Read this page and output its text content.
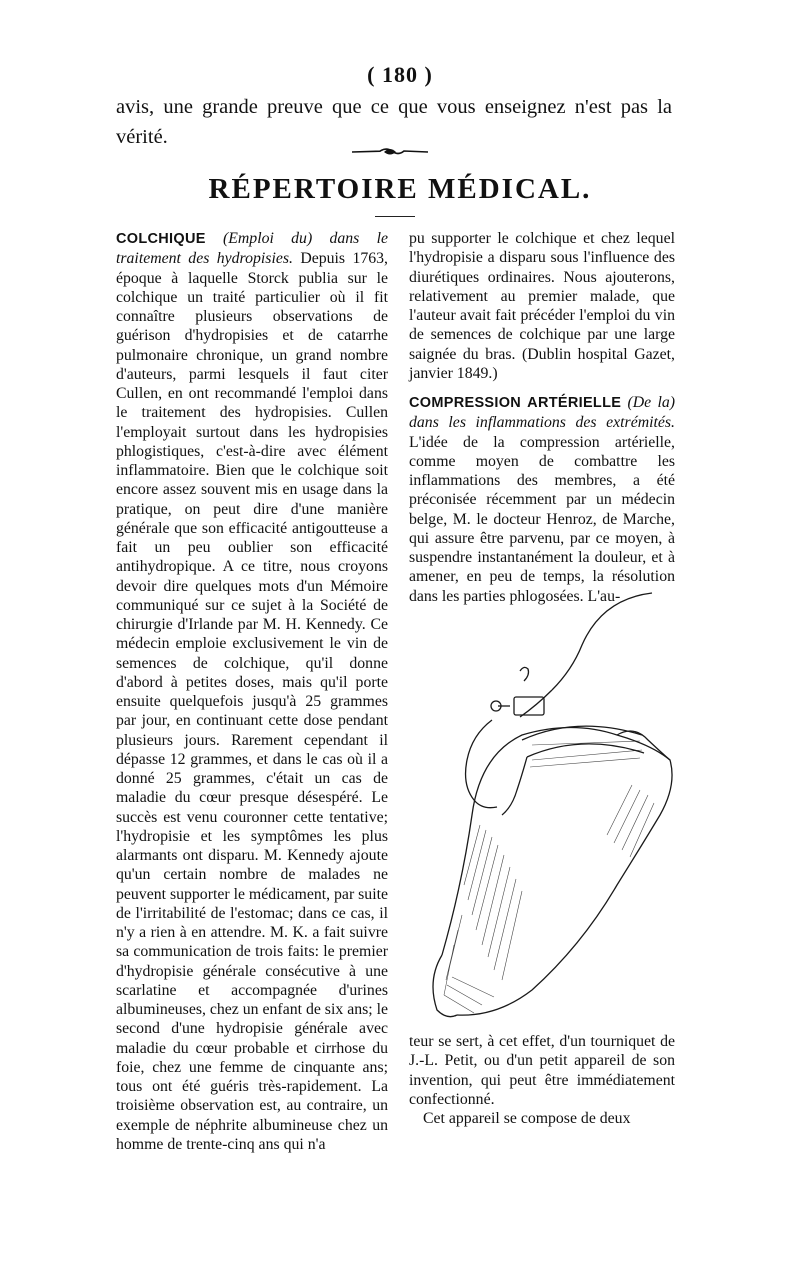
( 180 )
avis, une grande preuve que ce que vous enseignez n'est pas la vérité.
RÉPERTOIRE MÉDICAL.

COLCHIQUE (Emploi du) dans le traitement des hydropisies. Depuis 1763, époque à laquelle Storck publia sur le colchique un traité particulier où il fit connaître plusieurs observations de guérison d'hydropisies et de catarrhe pulmonaire chronique, un grand nombre d'auteurs, parmi lesquels il faut citer Cullen, en ont recommandé l'emploi dans le traitement des hydropisies. Cullen l'employait surtout dans les hydropisies phlogistiques, c'est-à-dire avec élément inflammatoire. Bien que le colchique soit encore assez souvent mis en usage dans la pratique, on peut dire d'une manière générale que son efficacité antigoutteuse a fait un peu oublier son efficacité antihydropique. A ce titre, nous croyons devoir dire quelques mots d'un Mémoire communiqué sur ce sujet à la Société de chirurgie d'Irlande par M. H. Kennedy. Ce médecin emploie exclusivement le vin de semences de colchique, qu'il donne d'abord à petites doses, mais qu'il porte ensuite quelquefois jusqu'à 25 grammes par jour, en continuant cette dose pendant plusieurs jours. Rarement cependant il dépasse 12 grammes, et dans le cas où il a donné 25 grammes, c'était un cas de maladie du cœur presque désespéré. Le succès est venu couronner cette tentative; l'hydropisie et les symptômes les plus alarmants ont disparu. M. Kennedy ajoute qu'un certain nombre de malades ne peuvent supporter le médicament, par suite de l'irritabilité de l'estomac; dans ce cas, il n'y a rien à en attendre. M. K. a fait suivre sa communication de trois faits: le premier d'hydropisie générale consécutive à une scarlatine et accompagnée d'urines albumineuses, chez un enfant de six ans; le second d'une hydropisie générale avec maladie du cœur probable et cirrhose du foie, chez une femme de cinquante ans; tous ont été guéris très-rapidement. La troisième observation est, au contraire, un exemple de néphrite albumineuse chez un homme de trente-cinq ans qui n'a

pu supporter le colchique et chez lequel l'hydropisie a disparu sous l'influence des diurétiques ordinaires. Nous ajouterons, relativement au premier malade, que l'auteur avait fait précéder l'emploi du vin de semences de colchique par une large saignée du bras. (Dublin hospital Gazet, janvier 1849.)

COMPRESSION ARTÉRIELLE (De la) dans les inflammations des extrémités. L'idée de la compression artérielle, comme moyen de combattre les inflammations des membres, a été préconisée récemment par un médecin belge, M. le docteur Henroz, de Marche, qui assure être parvenu, par ce moyen, à suspendre instantanément la douleur, et à amener, en peu de temps, la résolution dans les parties phlogosées. L'au-

teur se sert, à cet effet, d'un tourniquet de J.-L. Petit, ou d'un petit appareil de son invention, qui peut être immédiatement confectionné.

Cet appareil se compose de deux
